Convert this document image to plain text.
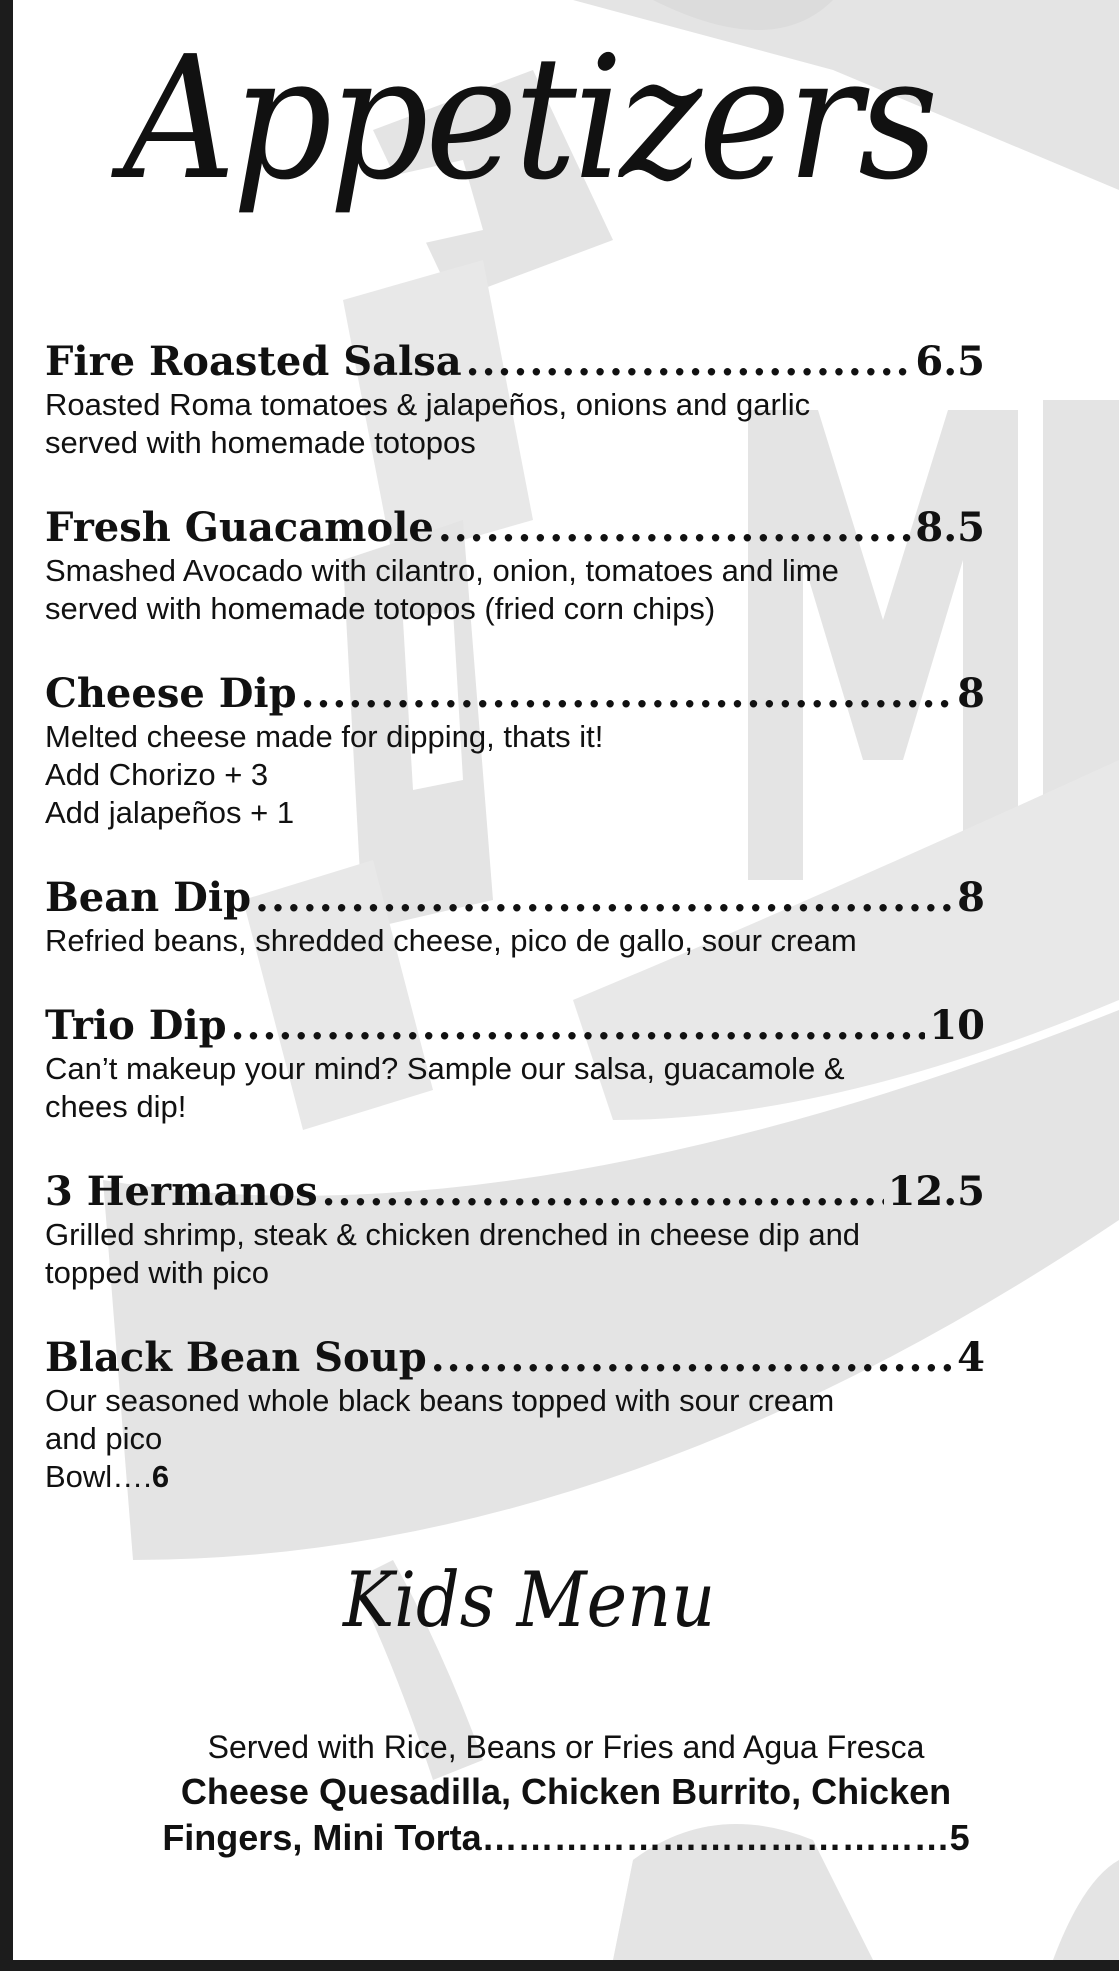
Appetizers
Fire Roasted Salsa .....	6.5
Roasted Roma tomatoes & jalapeños, onions and garlic
served with homemade totopos
Fresh Guacamole .....	8.5
Smashed Avocado with cilantro, onion, tomatoes and lime
served with homemade totopos (fried corn chips)
Cheese Dip .....	8
Melted cheese made for dipping, thats it!
Add Chorizo + 3
Add jalapeños + 1
Bean Dip .....	8
Refried beans, shredded cheese, pico de gallo, sour cream
Trio Dip .....	10
Can’t makeup your mind? Sample our salsa, guacamole &
chees dip!
3 Hermanos .....	12.5
Grilled shrimp, steak & chicken drenched in cheese dip and
topped with pico
Black Bean Soup .....	4
Our seasoned whole black beans topped with sour cream
and pico
Bowl….6
Kids Menu
Served with Rice, Beans or Fries and Agua Fresca
Cheese Quesadilla, Chicken Burrito, Chicken
Fingers, Mini Torta…………………………………5
